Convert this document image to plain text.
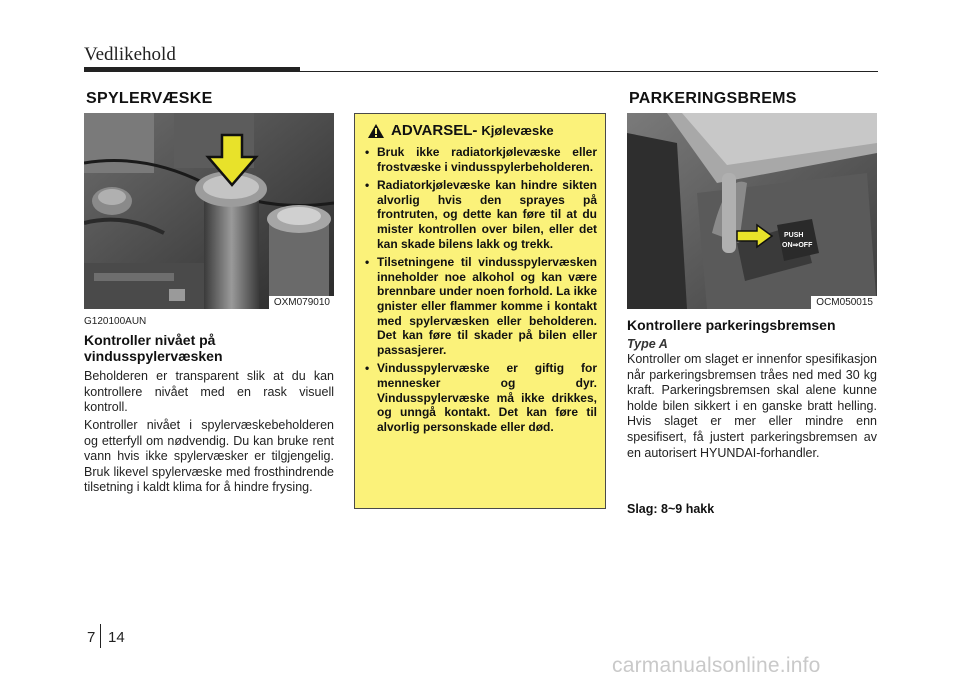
Vedlikehold
SPYLERVÆSKE
OXM079010
G120100AUN
Kontroller nivået på
vindusspylervæsken

Beholderen er transparent slik at du kan kontrollere nivået med en rask visuell kontroll.

Kontroller nivået i spylervæskebeholderen og etterfyll om nødvendig. Du kan bruke rent vann hvis ikke spylervæsker er tilgjengelig. Bruk likevel spylervæske med frosthindrende tilsetning i kaldt klima for å hindre frysing.

ADVARSEL- Kjølevæske
• Bruk ikke radiatorkjølevæske eller frostvæske i vindusspylerbeholderen.
• Radiatorkjølevæske kan hindre sikten alvorlig hvis den sprayes på frontruten, og dette kan føre til at du mister kontrollen over bilen, eller det kan skade bilens lakk og trekk.
• Tilsetningene til vindusspylervæsken inneholder noe alkohol og kan være brennbare under noen forhold. La ikke gnister eller flammer komme i kontakt med spylervæsken eller beholderen. Det kan føre til skader på bilen eller passasjerer.
• Vindusspylervæske er giftig for mennesker og dyr. Vindusspylervæske må ikke drikkes, og unngå kontakt. Det kan føre til alvorlig personskade eller død.
PARKERINGSBREMS
PUSH
ON⇒OFF
OCM050015
Kontrollere parkeringsbremsen
Type A

Kontroller om slaget er innenfor spesifikasjon når parkeringsbremsen tråes ned med 30 kg kraft. Parkeringsbremsen skal alene kunne holde bilen sikkert i en ganske bratt helling. Hvis slaget er mer eller mindre enn spesifisert, få justert parkeringsbremsen av en autorisert HYUNDAI-forhandler.

Slag: 8~9 hakk
7 14
carmanualsonline.info
